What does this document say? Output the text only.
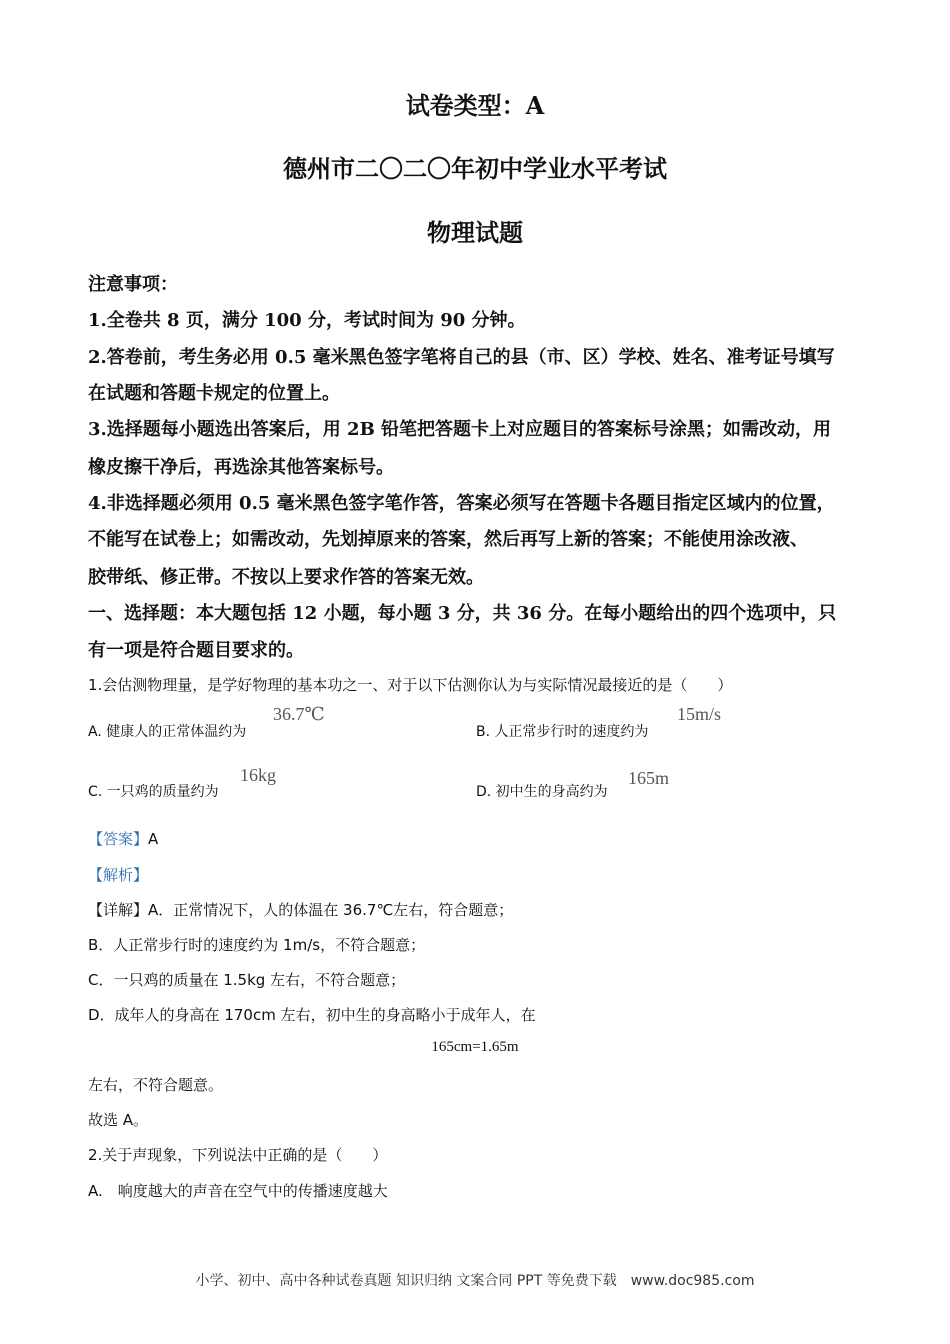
试卷类型：A
德州市二〇二〇年初中学业水平考试
物理试题
注意事项：
1.全卷共 8 页，满分 100 分，考试时间为 90 分钟。
2.答卷前，考生务必用 0.5 毫米黑色签字笔将自己的县（市、区）学校、姓名、准考证号填写
在试题和答题卡规定的位置上。
3.选择题每小题选出答案后，用 2B 铅笔把答题卡上对应题目的答案标号涂黑；如需改动，用
橡皮擦干净后，再选涂其他答案标号。
4.非选择题必须用 0.5 毫米黑色签字笔作答，答案必须写在答题卡各题目指定区域内的位置，
不能写在试卷上；如需改动，先划掉原来的答案，然后再写上新的答案；不能使用涂改液、
胶带纸、修正带。不按以上要求作答的答案无效。
一、选择题：本大题包括 12 小题，每小题 3 分，共 36 分。在每小题给出的四个选项中，只
有一项是符合题目要求的。
1.会估测物理量，是学好物理的基本功之一、对于以下估测你认为与实际情况最接近的是（　　）
A. 健康人的正常体温约为
36.7℃
B. 人正常步行时的速度约为
15m/s
C. 一只鸡的质量约为
16kg
D. 初中生的身高约为
165m
【答案】A
【解析】
【详解】A．正常情况下，人的体温在 36.7℃左右，符合题意；
B．人正常步行时的速度约为 1m/s，不符合题意；
C．一只鸡的质量在 1.5kg 左右，不符合题意；
D．成年人的身高在 170cm 左右，初中生的身高略小于成年人，在
165cm=1.65m
左右，不符合题意。
故选 A。
2.关于声现象，下列说法中正确的是（　　）
A.　响度越大的声音在空气中的传播速度越大
小学、初中、高中各种试卷真题 知识归纳 文案合同 PPT 等免费下载　www.doc985.com
